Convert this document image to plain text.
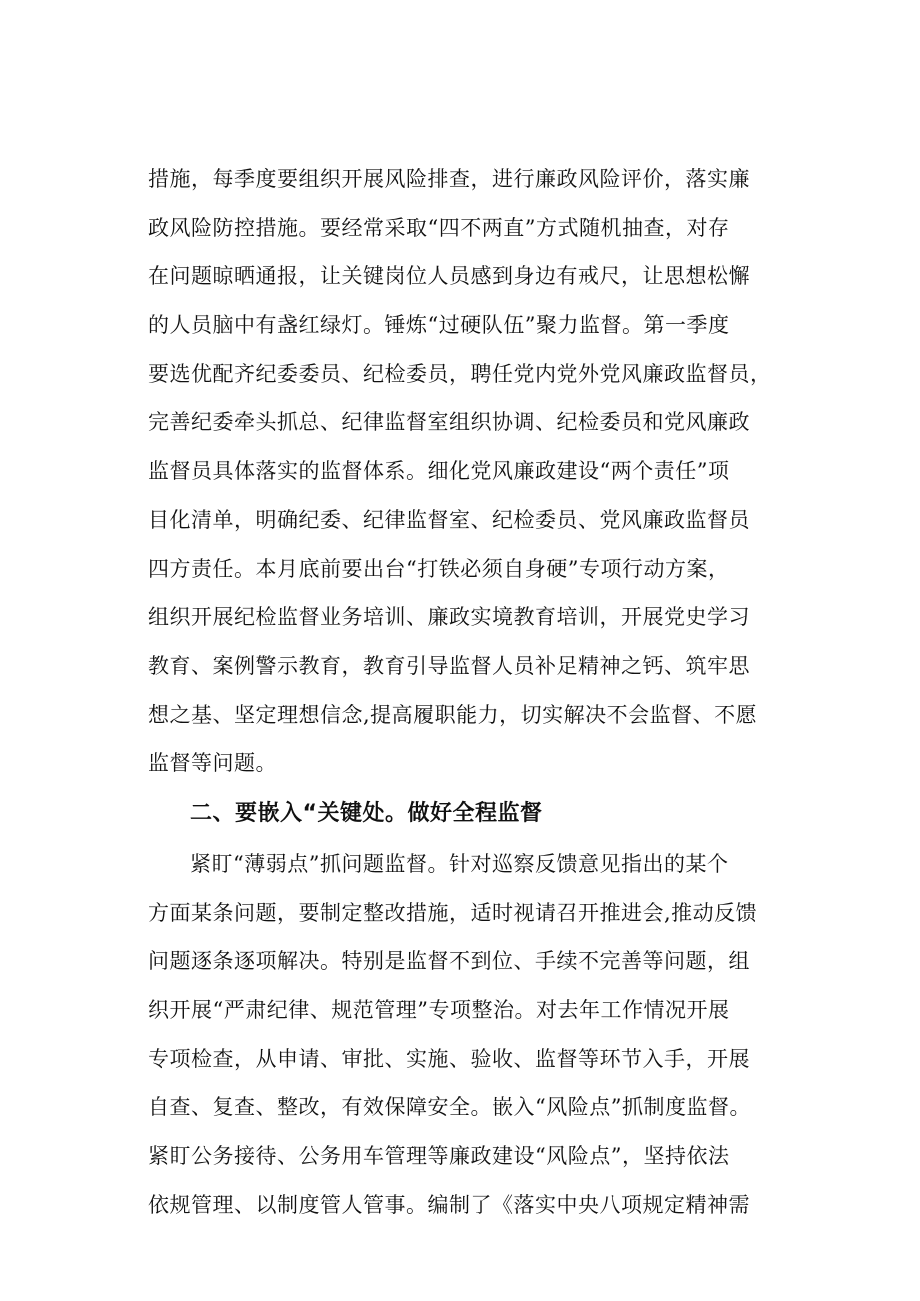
措施，每季度要组织开展风险排查，进行廉政风险评价，落实廉
政风险防控措施。要经常采取“四不两直”方式随机抽查，对存
在问题晾晒通报，让关键岗位人员感到身边有戒尺，让思想松懈
的人员脑中有盏红绿灯。锤炼“过硬队伍”聚力监督。第一季度
要选优配齐纪委委员、纪检委员，聘任党内党外党风廉政监督员，
完善纪委牵头抓总、纪律监督室组织协调、纪检委员和党风廉政
监督员具体落实的监督体系。细化党风廉政建设“两个责任”项
目化清单，明确纪委、纪律监督室、纪检委员、党风廉政监督员
四方责任。本月底前要出台“打铁必须自身硬”专项行动方案，
组织开展纪检监督业务培训、廉政实境教育培训，开展党史学习
教育、案例警示教育，教育引导监督人员补足精神之钙、筑牢思
想之基、坚定理想信念,提高履职能力，切实解决不会监督、不愿
监督等问题。
二、要嵌入“关键处。做好全程监督
紧盯“薄弱点”抓问题监督。针对巡察反馈意见指出的某个
方面某条问题，要制定整改措施，适时视请召开推进会,推动反馈
问题逐条逐项解决。特别是监督不到位、手续不完善等问题，组
织开展“严肃纪律、规范管理”专项整治。对去年工作情况开展
专项检查，从申请、审批、实施、验收、监督等环节入手，开展
自查、复查、整改，有效保障安全。嵌入“风险点”抓制度监督。
紧盯公务接待、公务用车管理等廉政建设“风险点”，坚持依法
依规管理、以制度管人管事。编制了《落实中央八项规定精神需
